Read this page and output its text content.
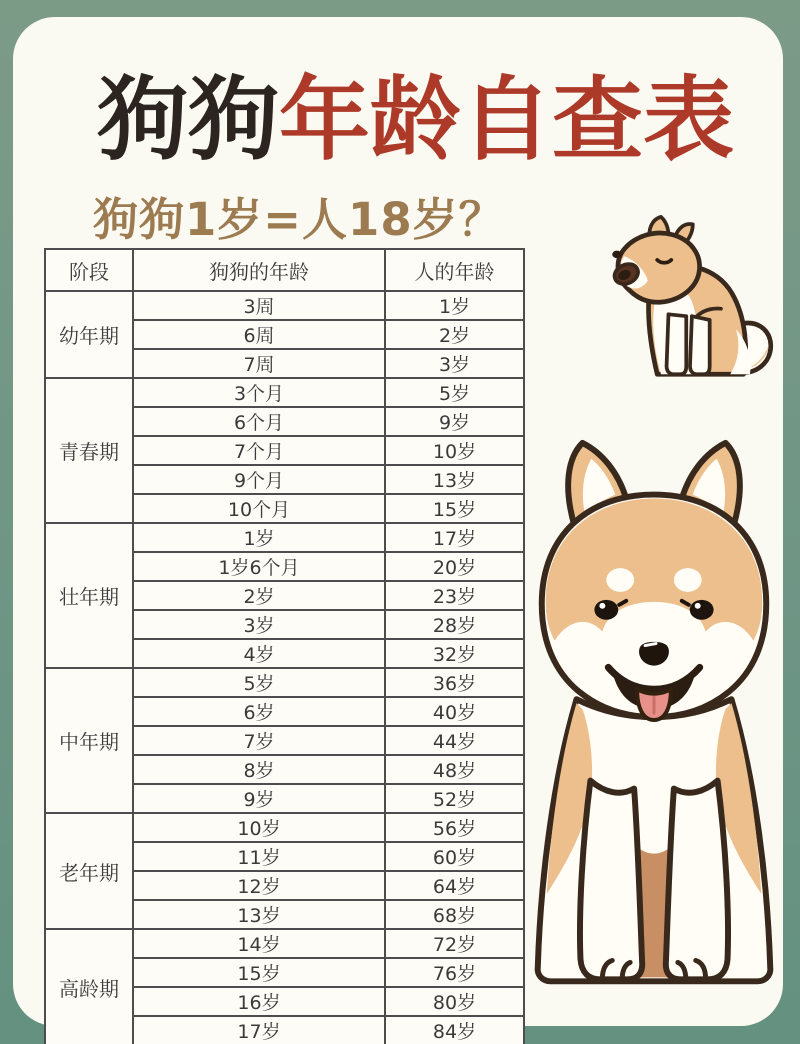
狗狗年龄自查表
狗狗1岁=人18岁？
阶段	狗狗的年龄	人的年龄
幼年期	3周	1岁
	6周	2岁
	7周	3岁
青春期	3个月	5岁
	6个月	9岁
	7个月	10岁
	9个月	13岁
	10个月	15岁
壮年期	1岁	17岁
	1岁6个月	20岁
	2岁	23岁
	3岁	28岁
	4岁	32岁
中年期	5岁	36岁
	6岁	40岁
	7岁	44岁
	8岁	48岁
	9岁	52岁
老年期	10岁	56岁
	11岁	60岁
	12岁	64岁
	13岁	68岁
高龄期	14岁	72岁
	15岁	76岁
	16岁	80岁
	17岁	84岁
